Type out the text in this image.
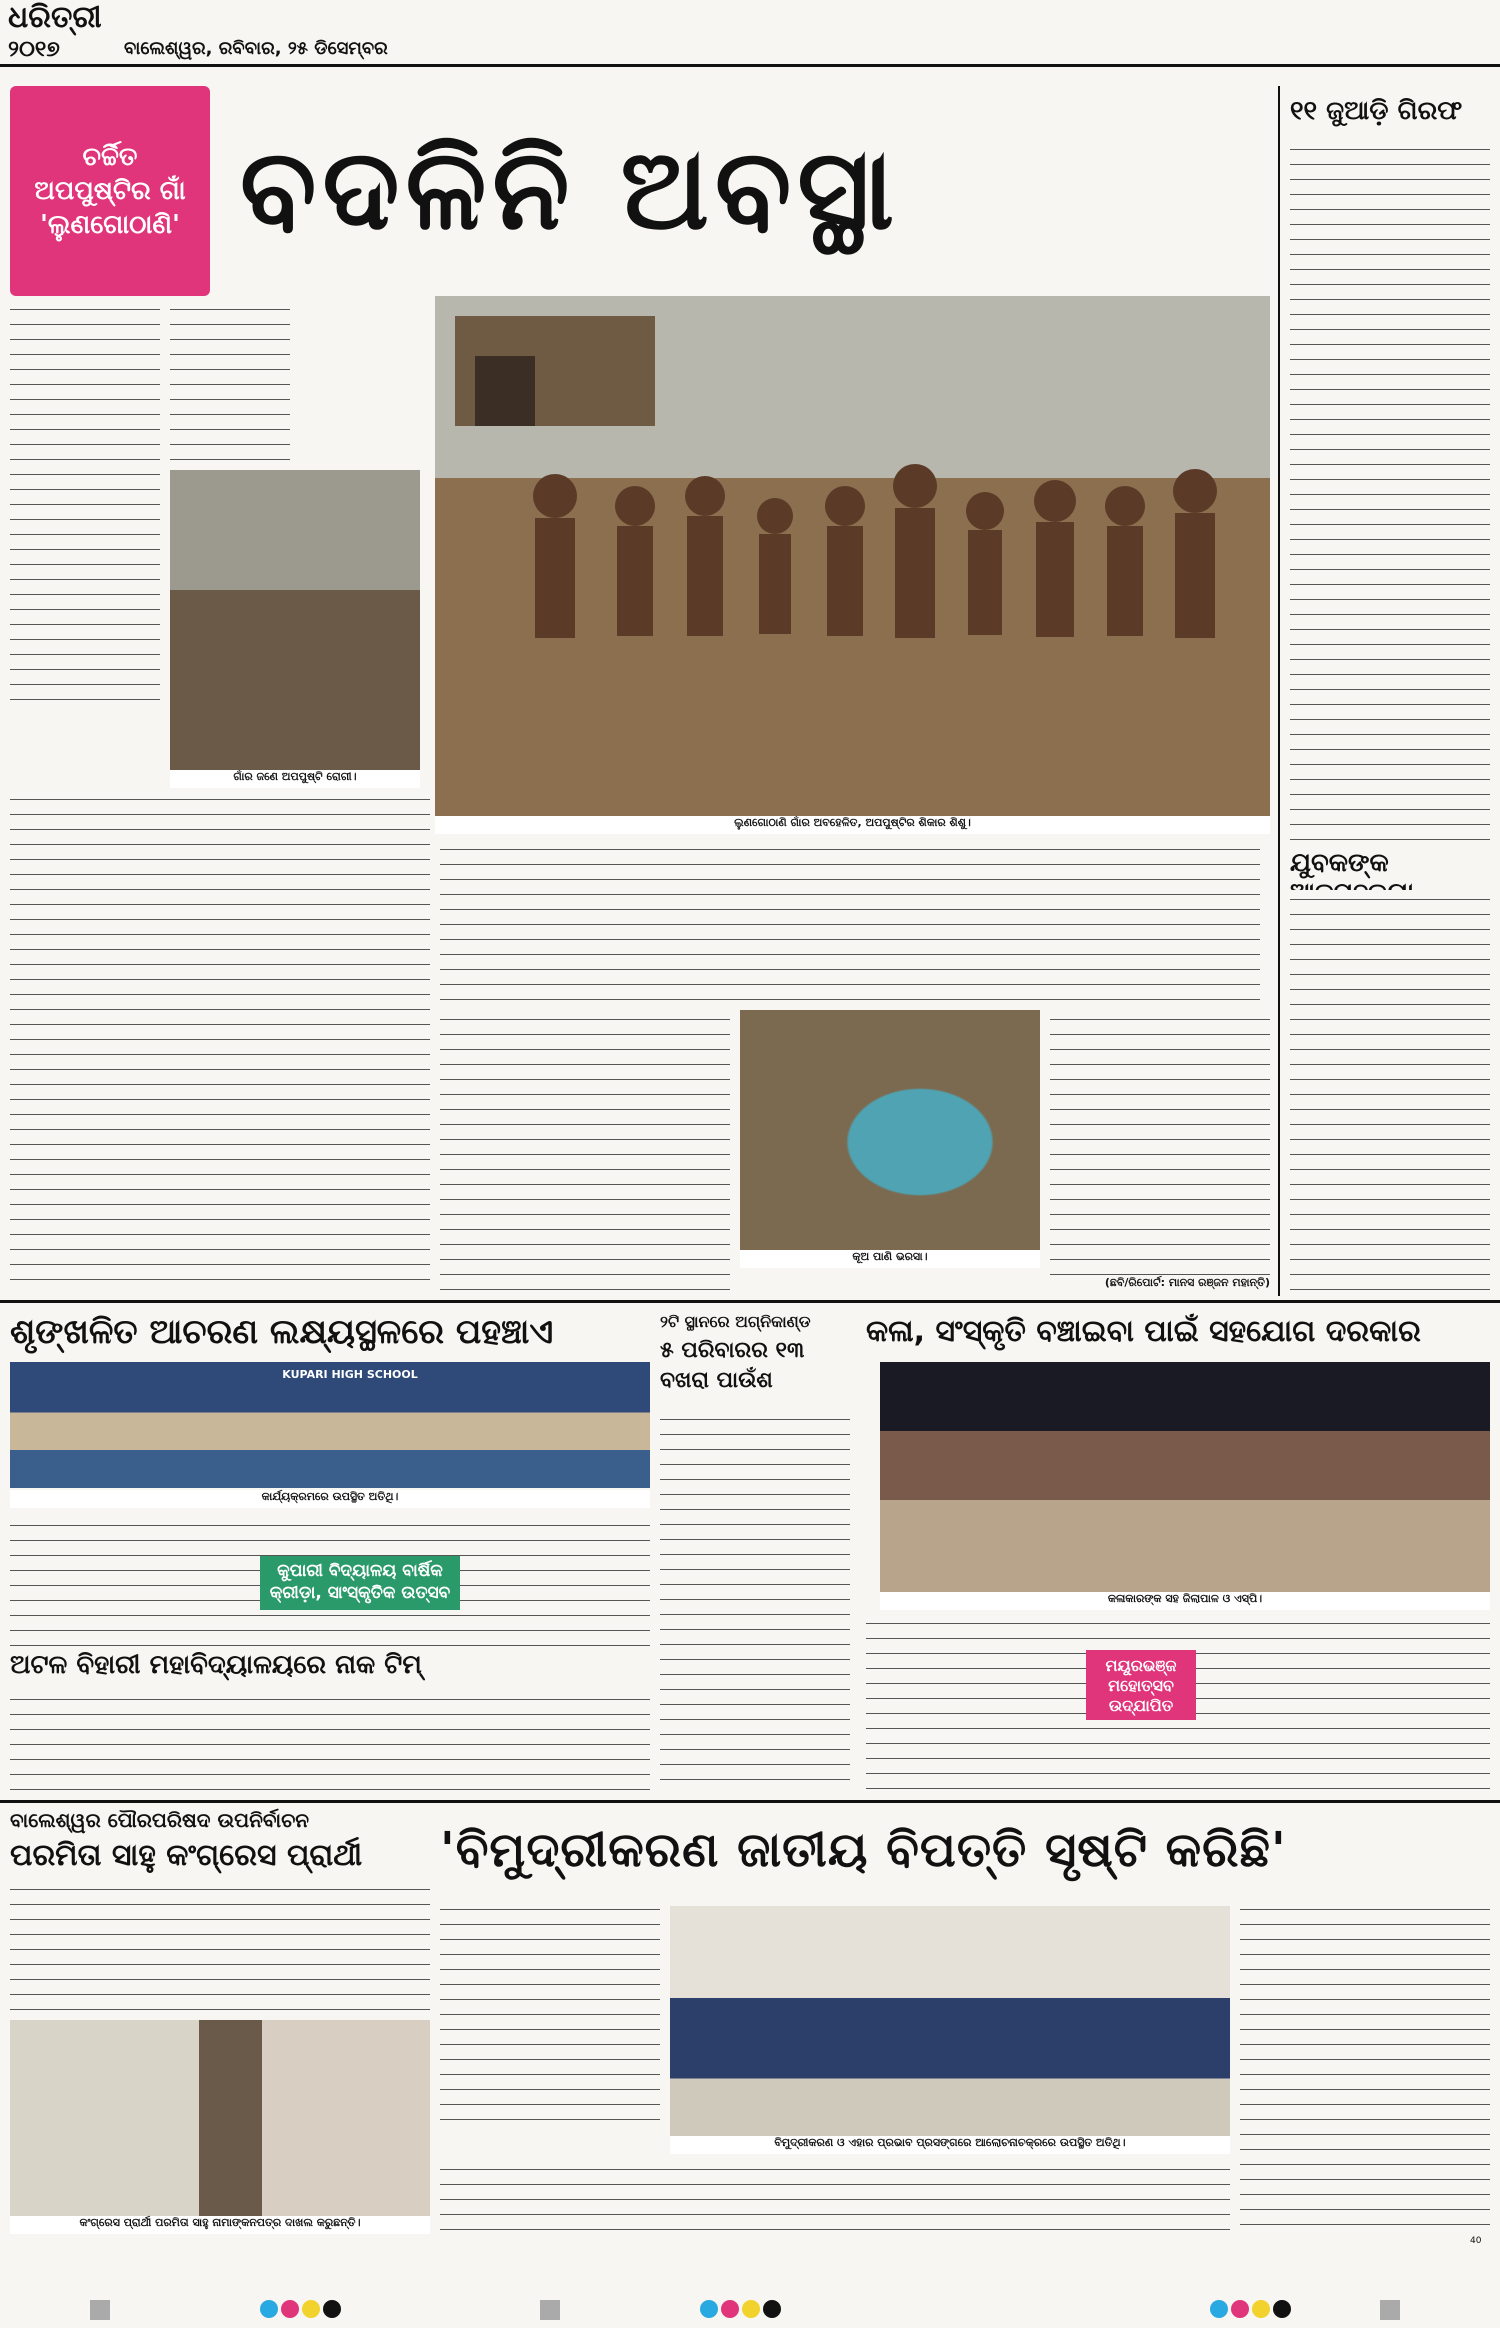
ଧରିତ୍ରୀ
୨୦୧୭	ବାଲେଶ୍ୱର, ରବିବାର, ୨୫ ଡିସେମ୍ବର
ଚର୍ଚ୍ଚିତ ଅପପୁଷ୍ଟିର ଗାଁ 'ଲୁଣଗୋଠାଣି' ବଦଳିନି ଅବସ୍ଥା
ଲୁଣଗୋଠାଣି ଗାଁର ଅବହେଳିତ, ଅପପୁଷ୍ଟିର ଶିକାର ଶିଶୁ।
ଗାଁର ଜଣେ ଅପପୁଷ୍ଟି ରୋଗୀ।
କୂଅ ପାଣି ଭରସା।
(ଛବି/ରିପୋର୍ଟ: ମାନସ ରଞ୍ଜନ ମହାନ୍ତି)
୧୧ ଜୁଆଡ଼ି ଗିରଫ
ଯୁବକଙ୍କ
ଶୃଙ୍ଖଳିତ ଆଚରଣ ଲକ୍ଷ୍ୟସ୍ଥଳରେ ପହଞ୍ଚାଏ
KUPARI HIGH SCHOOL
କାର୍ଯ୍ୟକ୍ରମରେ ଉପସ୍ଥିତ ଅତିଥି।
କୁପାରୀ ବିଦ୍ୟାଳୟ ବାର୍ଷିକ କ୍ରୀଡ଼ା, ସାଂସ୍କୃତିକ ଉତ୍ସବ
ଅଟଳ ବିହାରୀ ମହାବିଦ୍ୟାଳୟରେ ନାକ ଟିମ୍
୨ଟି ସ୍ଥାନରେ ଅଗ୍ନିକାଣ୍ଡ
୫ ପରିବାରର ୧୩ ବଖରା ପାଉଁଶ
କଳା, ସଂସ୍କୃତି ବଞ୍ଚାଇବା ପାଇଁ ସହଯୋଗ ଦରକାର
କଳାକାରଙ୍କ ସହ ଜିଲାପାଳ ଓ ଏସ୍‌ପି।
ମୟୂରଭଞ୍ଜ ମହୋତ୍ସବ ଉଦ୍‌ଯାପିତ
ବାଲେଶ୍ୱର ପୌରପରିଷଦ ଉପନିର୍ବାଚନ
ପରମିତା ସାହୁ କଂଗ୍ରେସ ପ୍ରାର୍ଥୀ
କଂଗ୍ରେସ ପ୍ରାର୍ଥୀ ପରମିତା ସାହୁ ନାମାଙ୍କନପତ୍ର ଦାଖଲ କରୁଛନ୍ତି।
'ବିମୁଦ୍ରୀକରଣ ଜାତୀୟ ବିପତ୍ତି ସୃଷ୍ଟି କରିଛି'
ବିମୁଦ୍ରୀକରଣ ଓ ଏହାର ପ୍ରଭାବ ପ୍ରସଙ୍ଗରେ ଆଲୋଚନାଚକ୍ରରେ ଉପସ୍ଥିତ ଅତିଥି।
40
